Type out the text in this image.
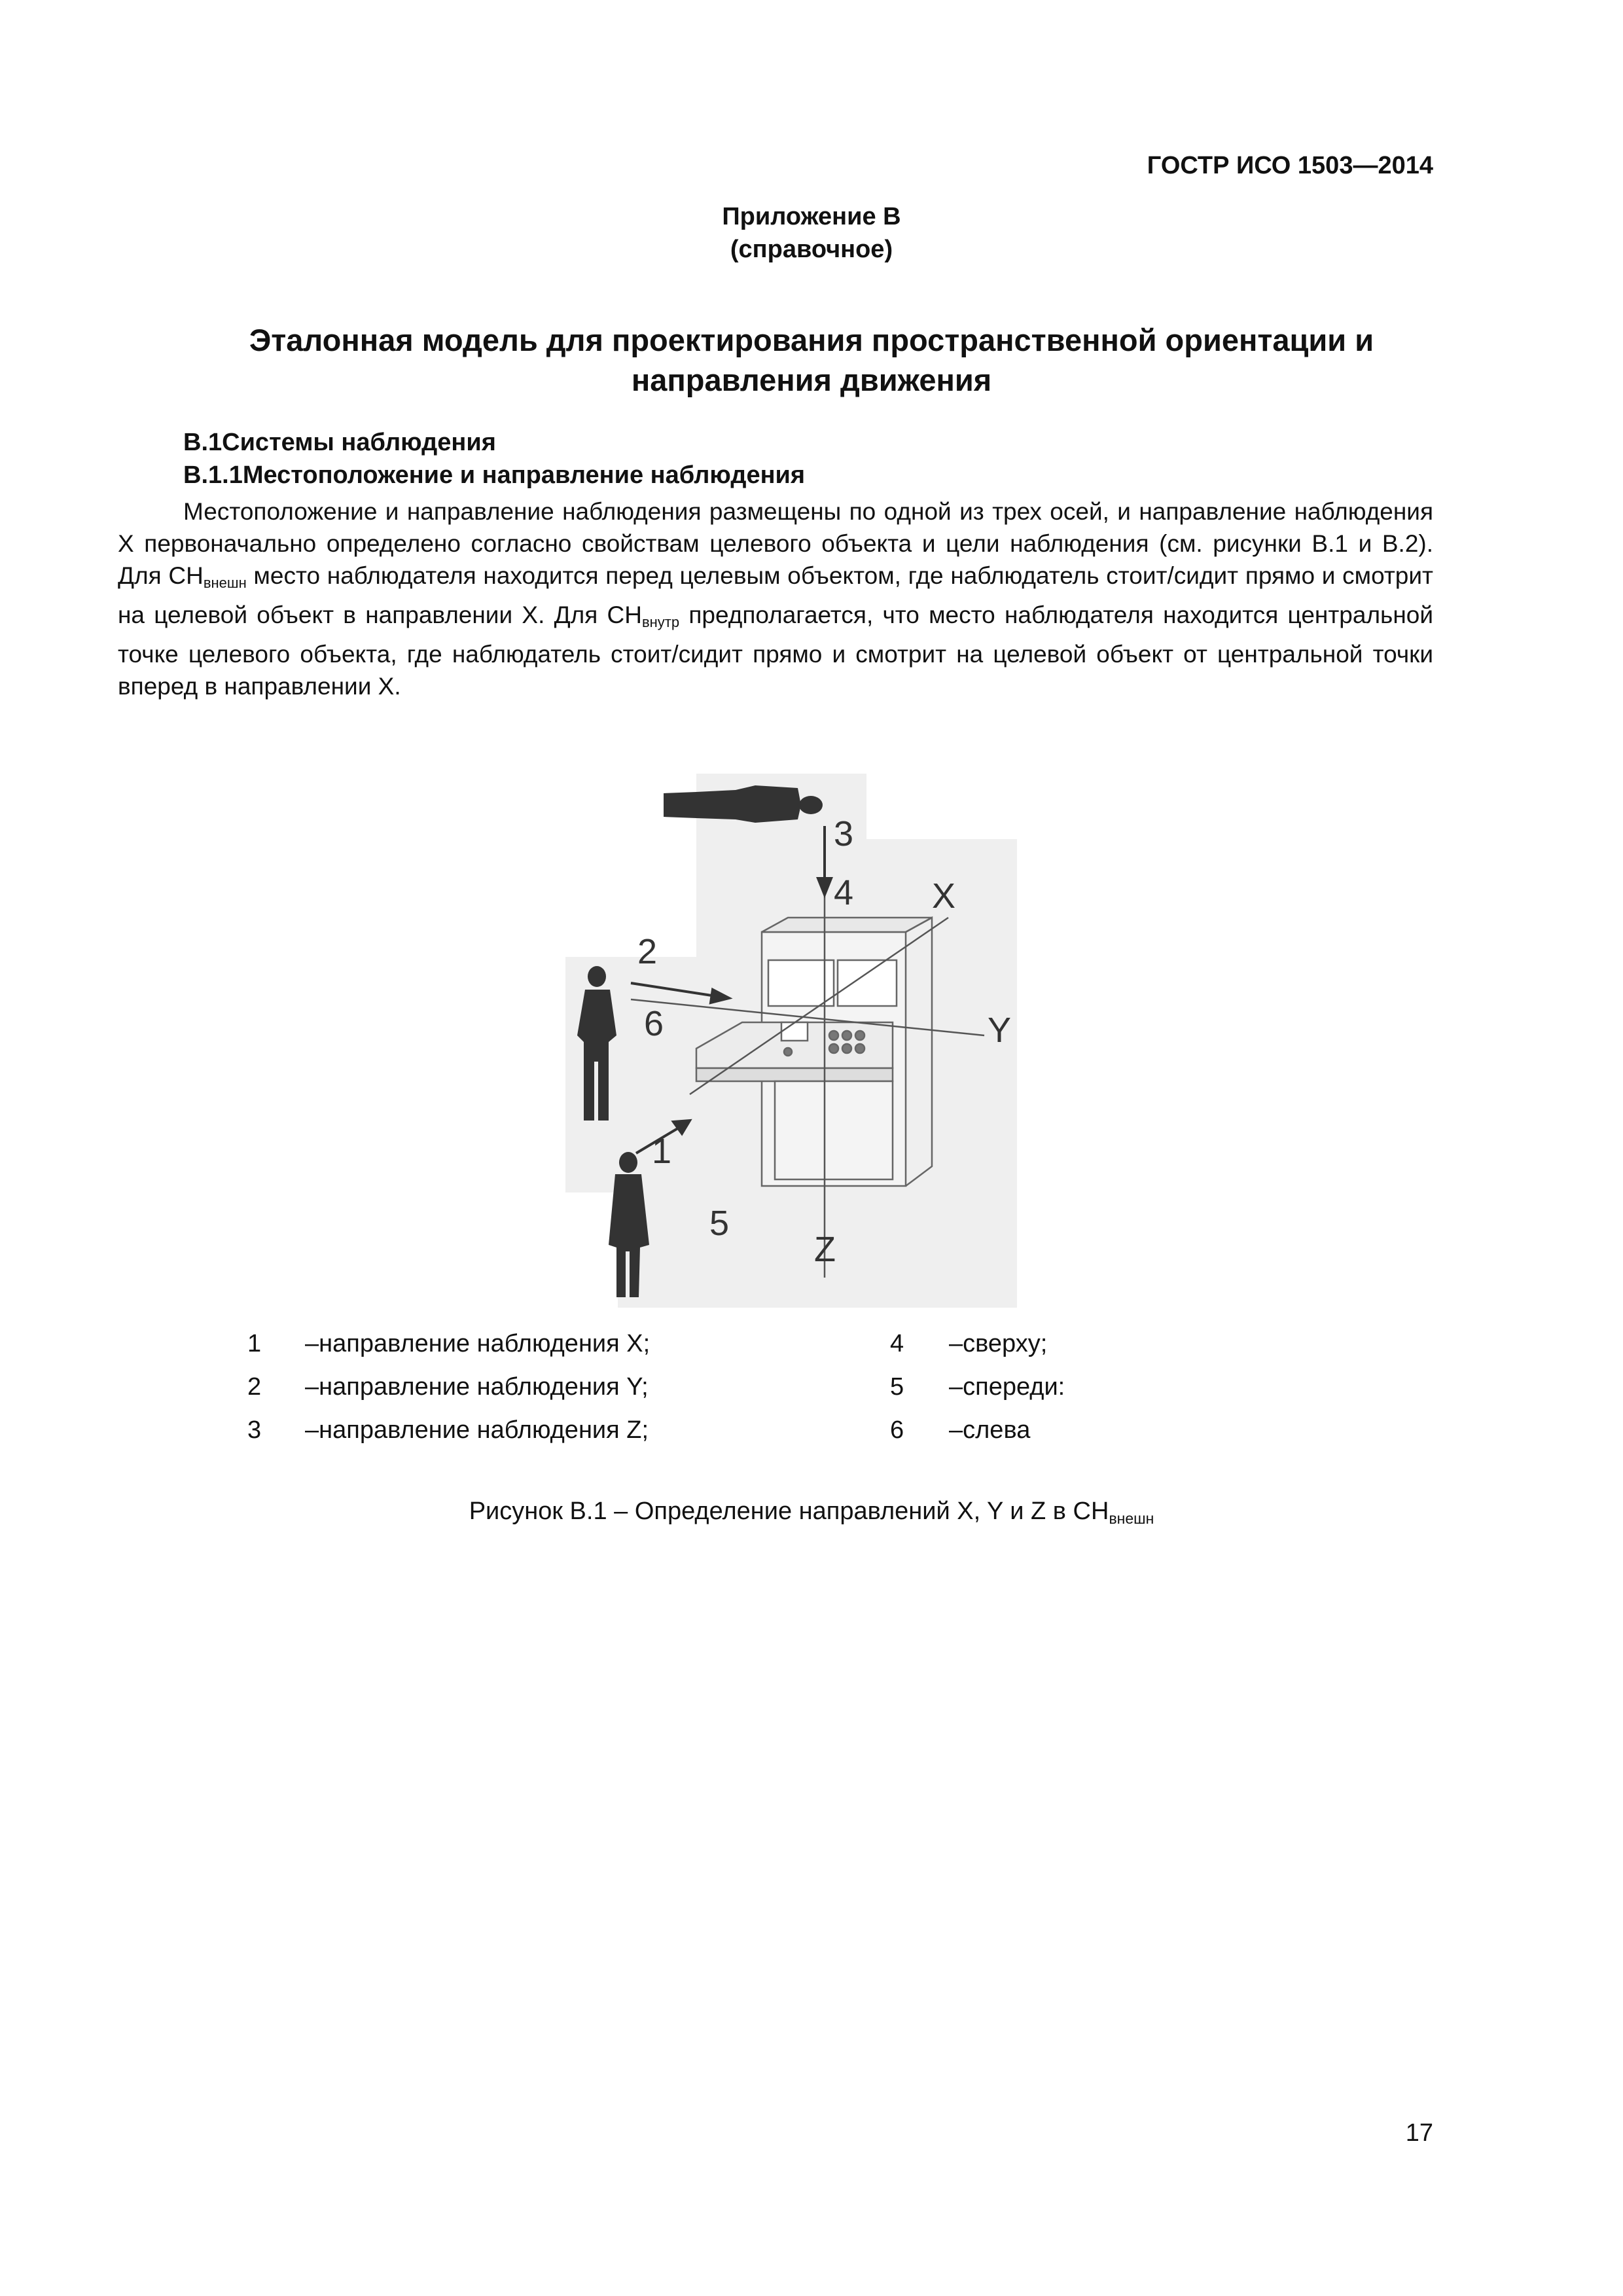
ГОСТР ИСО 1503—2014
Приложение В
(справочное)
Эталонная модель для проектирования пространственной ориентации и
направления движения
В.1Системы наблюдения
В.1.1Местоположение и направление наблюдения
Местоположение и направление наблюдения размещены по одной из трех осей, и направление наблюдения Х первоначально определено согласно свойствам целевого объекта и цели наблюдения (см. рисунки В.1 и В.2). Для $СН_{внешн}$ место наблюдателя находится перед целевым объектом, где наблюдатель стоит/сидит прямо и смотрит на целевой объект в направлении Х. Для $СН_{внутр}$ предполагается, что место наблюдателя находится центральной точке целевого объекта, где наблюдатель стоит/сидит прямо и смотрит на целевой объект от центральной точки вперед в направлении Х.
3
4 X
2
6	Y
1
5
Z
1 –направление наблюдения X;
2 –направление наблюдения Y;
3 –направление наблюдения Z;
4 –сверху;
5 –спереди:
6 –слева
Рисунок В.1 – Определение направлений X, Y и Z в $СН_{внешн}$
17
